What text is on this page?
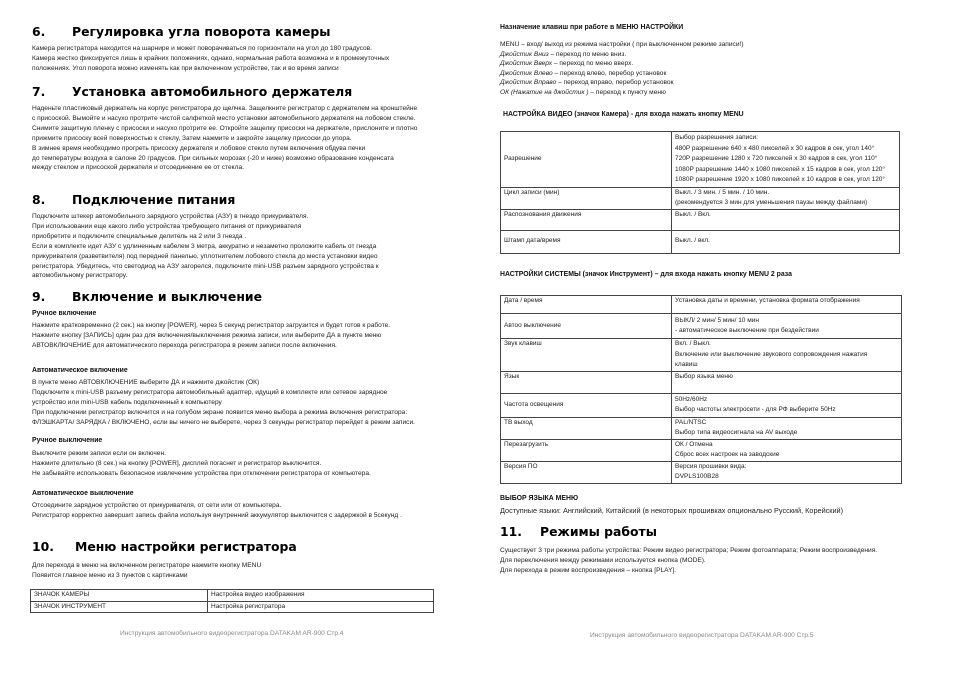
6. Регулировка угла поворота камеры
Камера регистратора находится на шарнире и может поворачиваться по горизонтали на угол до 180 градусов.
Камера жестко фиксируется лишь в крайних положениях, однако, нормальная работа возможна и в промежуточных
положениях. Угол поворота можно изменять как при включенном устройстве, так и во время записи
7. Установка автомобильного держателя
Наденьте пластиковый держатель на корпус регистратора до щелчка. Защелкните регистратор с держателем на кронштейне
с присоской. Вымойте и насухо протрите чистой салфеткой место установки автомобильного держателя на лобовом стекле.
Снимите защитную пленку с присоски и насухо протрите ее. Откройте защелку присоски на держателе, прислоните и плотно
прижмите присоску всей поверхностью к стеклу, Затем нажмите и закройте защелку присоски до упора.
В зимнее время необходимо прогреть присоску держателя и лобовое стекло путем включения обдува печки
до температуры воздуха в салоне 20 градусов. При сильных морозах (-20 и ниже) возможно образование конденсата
между стеклом и присоской держателя и отсоединение ее от стекла.
8. Подключение питания
Подключите штекер автомобильного зарядного устройства (АЗУ) в гнездо прикуривателя.
При использовании еще какого либо устройства требующего питания от прикуривателя
приобретите и подключите специальные делитель на 2 или 3 гнезда .
Если в комплекте идет АЗУ с удлиненным кабелем 3 метра, аккуратно и незаметно проложите кабель от гнезда
прикуривателя (разветвителя) под передней панелью, уплотнителем лобового стекла до места установки видео
регистратора. Убедитесь, что светодиод на АЗУ загорелся, подключите mini-USB разъем зарядного устройства к
автомобильному регистратору.
9. Включение и выключение
Ручное включение
Нажмите кратковременно (2 сек.) на кнопку [POWER], через 5 секунд регистратор загрузится и будет готов к работе.
Нажмите кнопку [ЗАПИСЬ] один раз для включения/выключения режима записи, или выберите ДА в пункте меню
АВТОВКЛЮЧЕНИЕ для автоматического перехода регистратора в режим записи после включения.
Автоматическое включение
В пункте меню АВТОВКЛЮЧЕНИЕ выберите ДА и нажмите джойстик (ОК)
Подключите к mini-USB разъему регистратора автомобильный адаптер, идущий в комплекте или сетевое зарядное
устройство или mini-USB кабель подключенный к компьютеру
При подключении регистратор включится и на голубом экране появится меню выбора а режима включения регистратора:
ФЛЭШКАРТА/ ЗАРЯДКА / ВКЛЮЧЕНО, если вы ничего не выберете, через 3 секунды регистратор перейдет в режим записи.
Ручное выключение
Выключите режим записи если он включен.
Нажмите длительно (8 сек.) на кнопку [POWER], дисплей погаснет и регистратор выключится.
Не забывайте использовать безопасное извлечение устройства при отключении регистратора от компьютера.
Автоматическое выключение
Отсоедините зарядное устройство от прикуривателя, от сети или от компьютера.
Регистратор корректно завершит запись файла используя внутренний аккумулятор выключится с задержкой в 5секунд .
10. Меню настройки регистратора
Для перехода в меню на включенном регистраторе нажмите кнопку MENU
Появится главное меню из 3 пунктов с картинками
ЗНАЧОК КАМЕРЫ	Настройка видео изображения
ЗНАЧОК ИНСТРУМЕНТ	Настройка регистратора
Инструкция автомобильного видеорегистратора DATAKAM AR-900 Стр.4
Назначение клавиш при работе в МЕНЮ НАСТРОЙКИ
MENU – вход/ выход из режима настройки ( при выключенном режиме записи!)
Джойстик Вниз – переход по меню вниз.
Джойстик Вверх – переход по меню вверх.
Джойстик Влево – переход влево, перебор установок
Джойстик Вправо – переход вправо, перебор установок
ОК (Нажатие на джойстик ) – переход к пункту меню
НАСТРОЙКА ВИДЕО (значок Камера) - для входа нажать кнопку MENU
Разрешение	Выбор разрешения записи:
480P разрешение 640 х 480 пикселей х 30 кадров в сек, угол 140°
720P разрешение 1280 х 720 пикселей х 30 кадров в сек, угол 110°
1080P разрешение 1440 х 1080 пикселей х 15 кадров в сек, угол 120°
1080P разрешение 1920 х 1080 пикселей х 10 кадров в сек, угол 120°

Цикл записи (мин)	Выкл. / 3 мин. / 5 мин. / 10 мин.
(рекомендуется 3 мин для уменьшения паузы между файлами)

Распознования движения	Выкл. / Вкл.

Штамп дата/время	Выкл. / вкл.
НАСТРОЙКИ СИСТЕМЫ (значок Инструмент) – для входа нажать кнопку MENU 2 раза
Дата / время	Установка даты и времени, установка формата отображения

Автоо выключение	ВЫКЛ/ 2 мин/ 5 мин/ 10 мин
- автоматическое выключение при бездействии

Звук клавиш	Вкл. / Выкл.
Включение или выключение звукового сопровождения нажатия
клавиш

Язык	Выбор языка меню

Частота освещения	50Hz/60Hz
Выбор частоты электросети - для РФ выберите 50Hz

ТВ выход	PAL/NTSC
Выбор типа видеосигнала на AV выходе

Перезагрузить	ОК / Отмена
Сброс всех настроек на заводские

Версия ПО	Версия прошивки вида:
DVPLS100B28
ВЫБОР ЯЗЫКА МЕНЮ
Доступные языки: Английский, Китайский (в некоторых прошивках опционально Русский, Корейский)
11. Режимы работы
Существует 3 три режима работы устройства: Режим видео регистратора; Режим фотоаппарата; Режим воспроизведения.
Для переключения между режимами используется кнопка (MODE).
Для перехода в режим воспроизведения – кнопка [PLAY].
Инструкция автомобильного видеорегистратора DATAKAM AR-900 Стр.5
